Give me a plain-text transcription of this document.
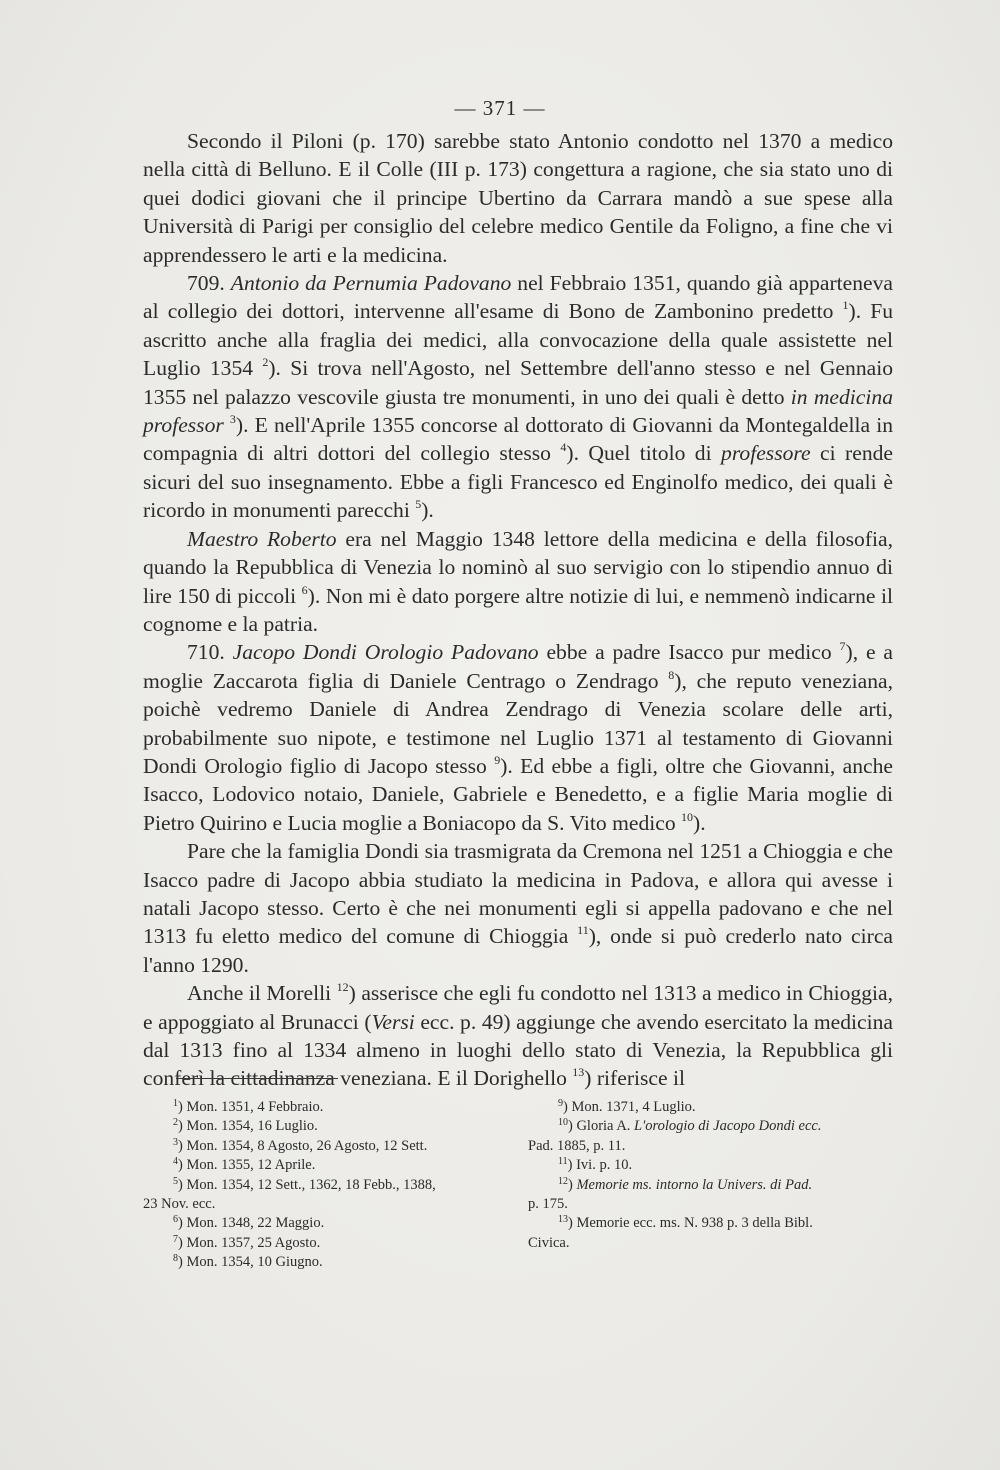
— 371 —

Secondo il Piloni (p. 170) sarebbe stato Antonio condotto nel 1370 a medico nella città di Belluno. E il Colle (III p. 173) congettura a ragione, che sia stato uno di quei dodici giovani che il principe Ubertino da Carrara mandò a sue spese alla Università di Parigi per consiglio del celebre medico Gentile da Foligno, a fine che vi apprendessero le arti e la medicina.

709. Antonio da Pernumia Padovano nel Febbraio 1351, quando già apparteneva al collegio dei dottori, intervenne all'esame di Bono de Zambonino predetto $^1$). Fu ascritto anche alla fraglia dei medici, alla convocazione della quale assistette nel Luglio 1354 $^2$). Si trova nell'Agosto, nel Settembre dell'anno stesso e nel Gennaio 1355 nel palazzo vescovile giusta tre monumenti, in uno dei quali è detto in medicina professor $^3$). E nell'Aprile 1355 concorse al dottorato di Giovanni da Montegaldella in compagnia di altri dottori del collegio stesso $^4$). Quel titolo di professore ci rende sicuri del suo insegnamento. Ebbe a figli Francesco ed Enginolfo medico, dei quali è ricordo in monumenti parecchi $^5$).

Maestro Roberto era nel Maggio 1348 lettore della medicina e della filosofia, quando la Repubblica di Venezia lo nominò al suo servigio con lo stipendio annuo di lire 150 di piccoli $^6$). Non mi è dato porgere altre notizie di lui, e nemmenò indicarne il cognome e la patria.

710. Jacopo Dondi Orologio Padovano ebbe a padre Isacco pur medico $^7$), e a moglie Zaccarota figlia di Daniele Centrago o Zendrago $^8$), che reputo veneziana, poichè vedremo Daniele di Andrea Zendrago di Venezia scolare delle arti, probabilmente suo nipote, e testimone nel Luglio 1371 al testamento di Giovanni Dondi Orologio figlio di Jacopo stesso $^9$). Ed ebbe a figli, oltre che Giovanni, anche Isacco, Lodovico notaio, Daniele, Gabriele e Benedetto, e a figlie Maria moglie di Pietro Quirino e Lucia moglie a Boniacopo da S. Vito medico $^{10}$).

Pare che la famiglia Dondi sia trasmigrata da Cremona nel 1251 a Chioggia e che Isacco padre di Jacopo abbia studiato la medicina in Padova, e allora qui avesse i natali Jacopo stesso. Certo è che nei monumenti egli si appella padovano e che nel 1313 fu eletto medico del comune di Chioggia $^{11}$), onde si può crederlo nato circa l'anno 1290.

Anche il Morelli $^{12}$) asserisce che egli fu condotto nel 1313 a medico in Chioggia, e appoggiato al Brunacci (Versi ecc. p. 49) aggiunge che avendo esercitato la medicina dal 1313 fino al 1334 almeno in luoghi dello stato di Venezia, la Repubblica gli conferì la cittadinanza veneziana. E il Dorighello $^{13}$) riferisce il

$^1$) Mon. 1351, 4 Febbraio.

$^2$) Mon. 1354, 16 Luglio.

$^3$) Mon. 1354, 8 Agosto, 26 Agosto, 12 Sett.

$^4$) Mon. 1355, 12 Aprile.

$^5$) Mon. 1354, 12 Sett., 1362, 18 Febb., 1388,

23 Nov. ecc.

$^6$) Mon. 1348, 22 Maggio.

$^7$) Mon. 1357, 25 Agosto.

$^8$) Mon. 1354, 10 Giugno.

$^9$) Mon. 1371, 4 Luglio.

$^{10}$) Gloria A. L'orologio di Jacopo Dondi ecc.

Pad. 1885, p. 11.

$^{11}$) Ivi. p. 10.

$^{12}$) Memorie ms. intorno la Univers. di Pad.

p. 175.

$^{13}$) Memorie ecc. ms. N. 938 p. 3 della Bibl.

Civica.
